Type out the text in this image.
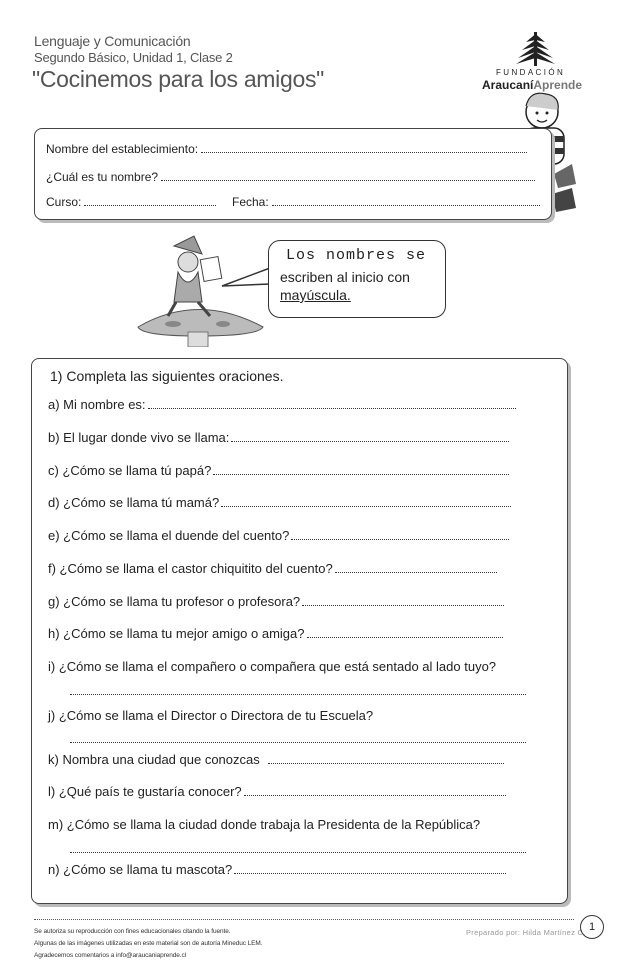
Lenguaje y Comunicación
Segundo Básico, Unidad 1, Clase 2
"Cocinemos para los amigos"	FUNDACIÓN
AraucaníAprende
Nombre del establecimiento:
¿Cuál es tu nombre?
Curso:	Fecha:
Los nombres se
escriben al inicio con
mayúscula.
1) Completa las siguientes oraciones.
a) Mi nombre es:
b) El lugar donde vivo se llama:
c) ¿Cómo se llama tú papá?
d) ¿Cómo se llama tú mamá?
e) ¿Cómo se llama el duende del cuento?
f) ¿Cómo se llama el castor chiquitito del cuento?
g) ¿Cómo se llama tu profesor o profesora?
h) ¿Cómo se llama tu mejor amigo o amiga?
i) ¿Cómo se llama el compañero o compañera que está sentado al lado tuyo?
j) ¿Cómo se llama el Director o Directora de tu Escuela?
k) Nombra una ciudad que conozcas
l) ¿Qué país te gustaría conocer?
m) ¿Cómo se llama la ciudad donde trabaja la Presidenta de la República?
n) ¿Cómo se llama tu mascota?
Se autoriza su reproducción con fines educacionales citando la fuente.
Algunas de las imágenes utilizadas en este material son de autoría Mineduc LEM.
Agradecemos comentarios a info@araucaniaprende.cl
Preparado por: Hilda Martínez C. 1
